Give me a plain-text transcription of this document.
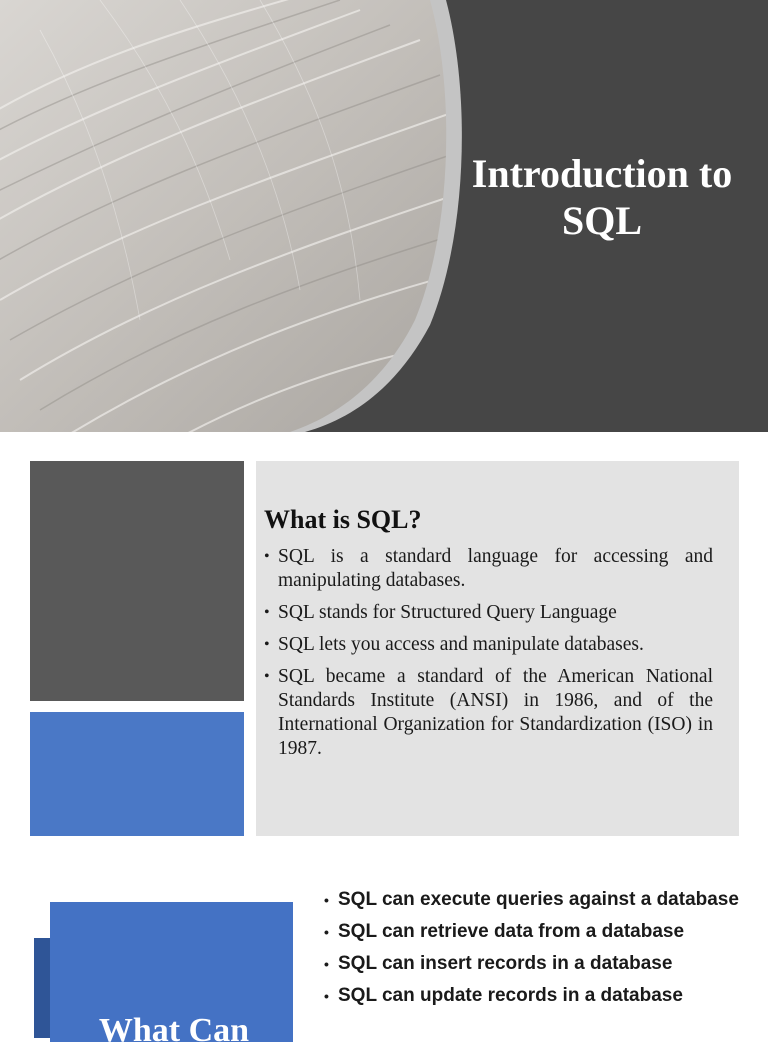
Introduction to
SQL
What is SQL?
• SQL is a standard language for accessing and manipulating databases.
• SQL stands for Structured Query Language
• SQL lets you access and manipulate databases.
• SQL became a standard of the American National Standards Institute (ANSI) in 1986, and of the International Organization for Standardization (ISO) in 1987.
What Can
• SQL can execute queries against a database
• SQL can retrieve data from a database
• SQL can insert records in a database
• SQL can update records in a database
